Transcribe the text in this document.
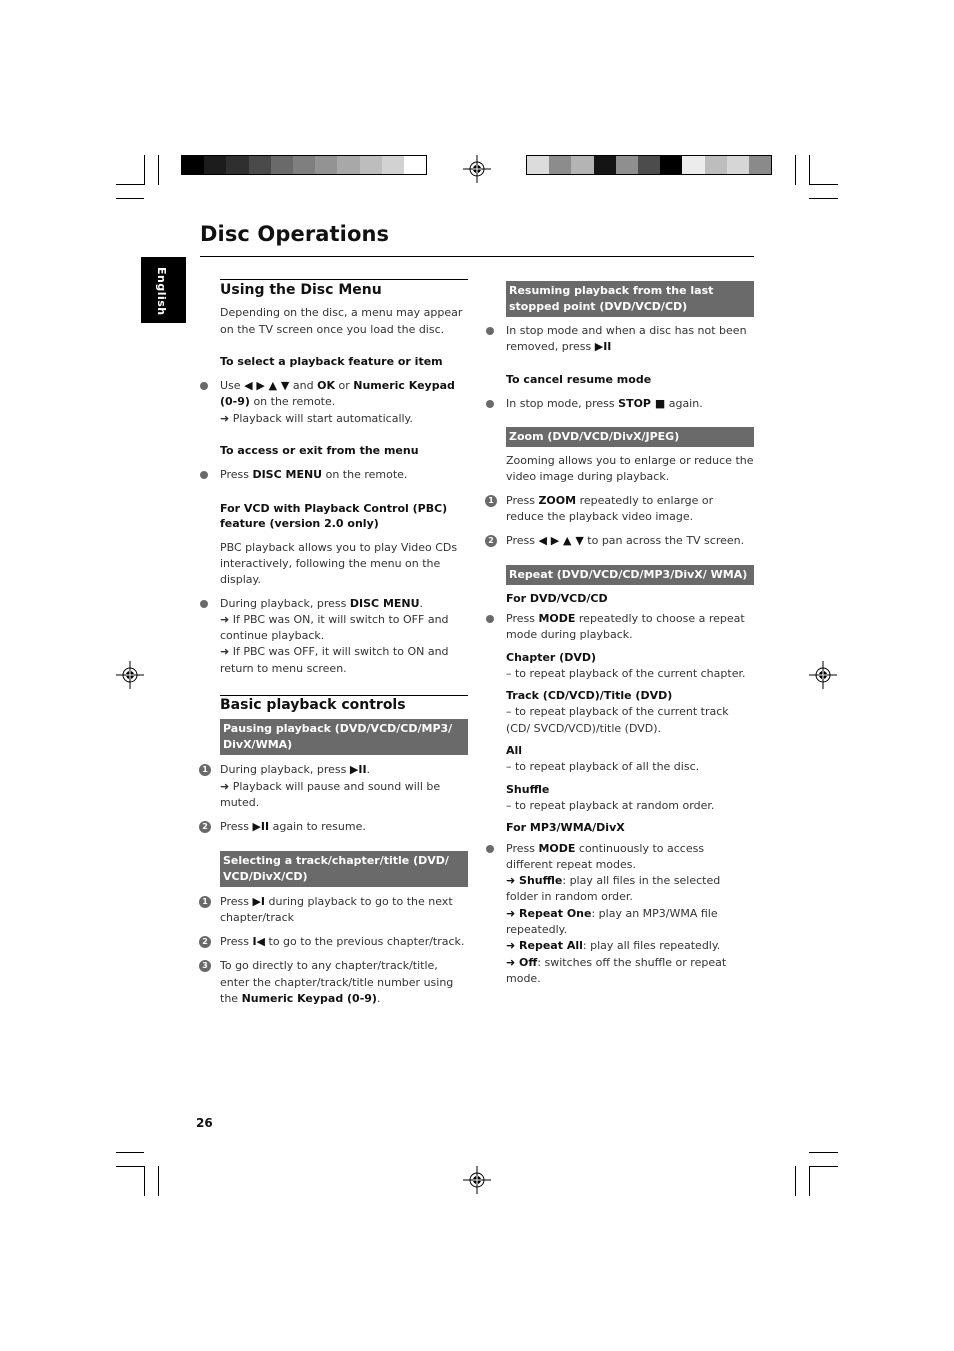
Disc Operations
English	Using the Disc Menu

Depending on the disc, a menu may appear on the TV screen once you load the disc.

To select a playback feature or item
Use ◀ ▶ ▲ ▼ and OK or Numeric Keypad (0-9) on the remote.
➜ Playback will start automatically.
To access or exit from the menu
Press DISC MENU on the remote.
For VCD with Playback Control (PBC) feature (version 2.0 only)

PBC playback allows you to play Video CDs interactively, following the menu on the display.

During playback, press DISC MENU.
➜ If PBC was ON, it will switch to OFF and continue playback.
➜ If PBC was OFF, it will switch to ON and return to menu screen.
Basic playback controls
Pausing playback (DVD/VCD/CD/MP3/ DivX/WMA)
1 During playback, press ▶II.
➜ Playback will pause and sound will be muted.
2 Press ▶II again to resume.
Selecting a track/chapter/title (DVD/ VCD/DivX/CD)
1 Press ▶I during playback to go to the next chapter/track
2 Press I◀ to go to the previous chapter/track.
3 To go directly to any chapter/track/title, enter the chapter/track/title number using the Numeric Keypad (0-9).
Resuming playback from the last stopped point (DVD/VCD/CD)
In stop mode and when a disc has not been removed, press ▶II
To cancel resume mode
In stop mode, press STOP ■ again.
Zoom (DVD/VCD/DivX/JPEG)

Zooming allows you to enlarge or reduce the video image during playback.

1 Press ZOOM repeatedly to enlarge or reduce the playback video image.
2 Press ◀ ▶ ▲ ▼ to pan across the TV screen.
Repeat (DVD/VCD/CD/MP3/DivX/ WMA)
For DVD/VCD/CD
Press MODE repeatedly to choose a repeat mode during playback.
Chapter (DVD)
– to repeat playback of the current chapter.
Track (CD/VCD)/Title (DVD)
– to repeat playback of the current track (CD/ SVCD/VCD)/title (DVD).
All
– to repeat playback of all the disc.
Shuffle
– to repeat playback at random order.
For MP3/WMA/DivX
Press MODE continuously to access different repeat modes.
➜ Shuffle: play all files in the selected folder in random order.
➜ Repeat One: play an MP3/WMA file repeatedly.
➜ Repeat All: play all files repeatedly.
➜ Off: switches off the shuffle or repeat mode.
26
